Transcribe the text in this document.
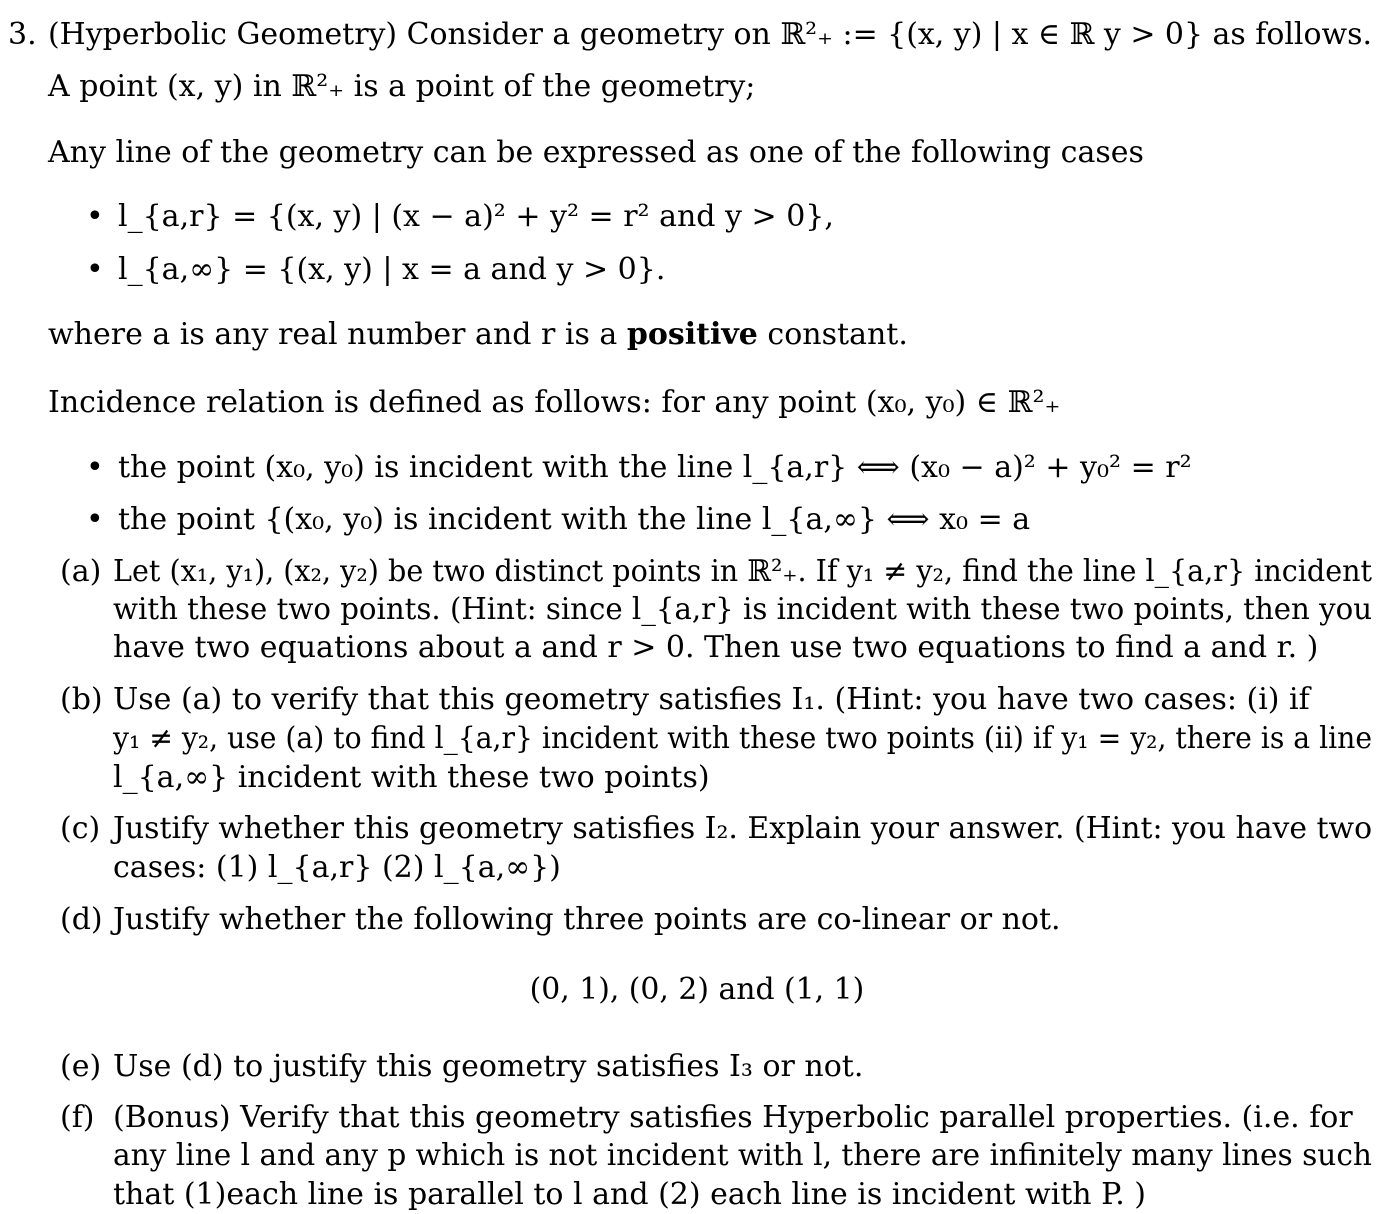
3. (Hyperbolic Geometry) Consider a geometry on ℝ²₊ := {(x, y) | x ∈ ℝ y > 0} as follows.
A point (x, y) in ℝ²₊ is a point of the geometry;
Any line of the geometry can be expressed as one of the following cases
• l_{a,r} = {(x, y) | (x − a)² + y² = r² and y > 0},
• l_{a,∞} = {(x, y) | x = a and y > 0}.
where a is any real number and r is a positive constant.
Incidence relation is defined as follows: for any point (x₀, y₀) ∈ ℝ²₊
• the point (x₀, y₀) is incident with the line l_{a,r} ⟺ (x₀ − a)² + y₀² = r²
• the point {(x₀, y₀) is incident with the line l_{a,∞} ⟺ x₀ = a
(a) Let (x₁, y₁), (x₂, y₂) be two distinct points in ℝ²₊. If y₁ ≠ y₂, find the line l_{a,r} incident
with these two points. (Hint: since l_{a,r} is incident with these two points, then you
have two equations about a and r > 0. Then use two equations to find a and r. )
(b) Use (a) to verify that this geometry satisfies I₁. (Hint: you have two cases: (i) if
y₁ ≠ y₂, use (a) to find l_{a,r} incident with these two points (ii) if y₁ = y₂, there is a line
l_{a,∞} incident with these two points)
(c) Justify whether this geometry satisfies I₂. Explain your answer. (Hint: you have two
cases: (1) l_{a,r} (2) l_{a,∞})
(d) Justify whether the following three points are co-linear or not.
(0, 1), (0, 2) and (1, 1)
(e) Use (d) to justify this geometry satisfies I₃ or not.
(f) (Bonus) Verify that this geometry satisfies Hyperbolic parallel properties. (i.e. for
any line l and any p which is not incident with l, there are infinitely many lines such
that (1)each line is parallel to l and (2) each line is incident with P. )
